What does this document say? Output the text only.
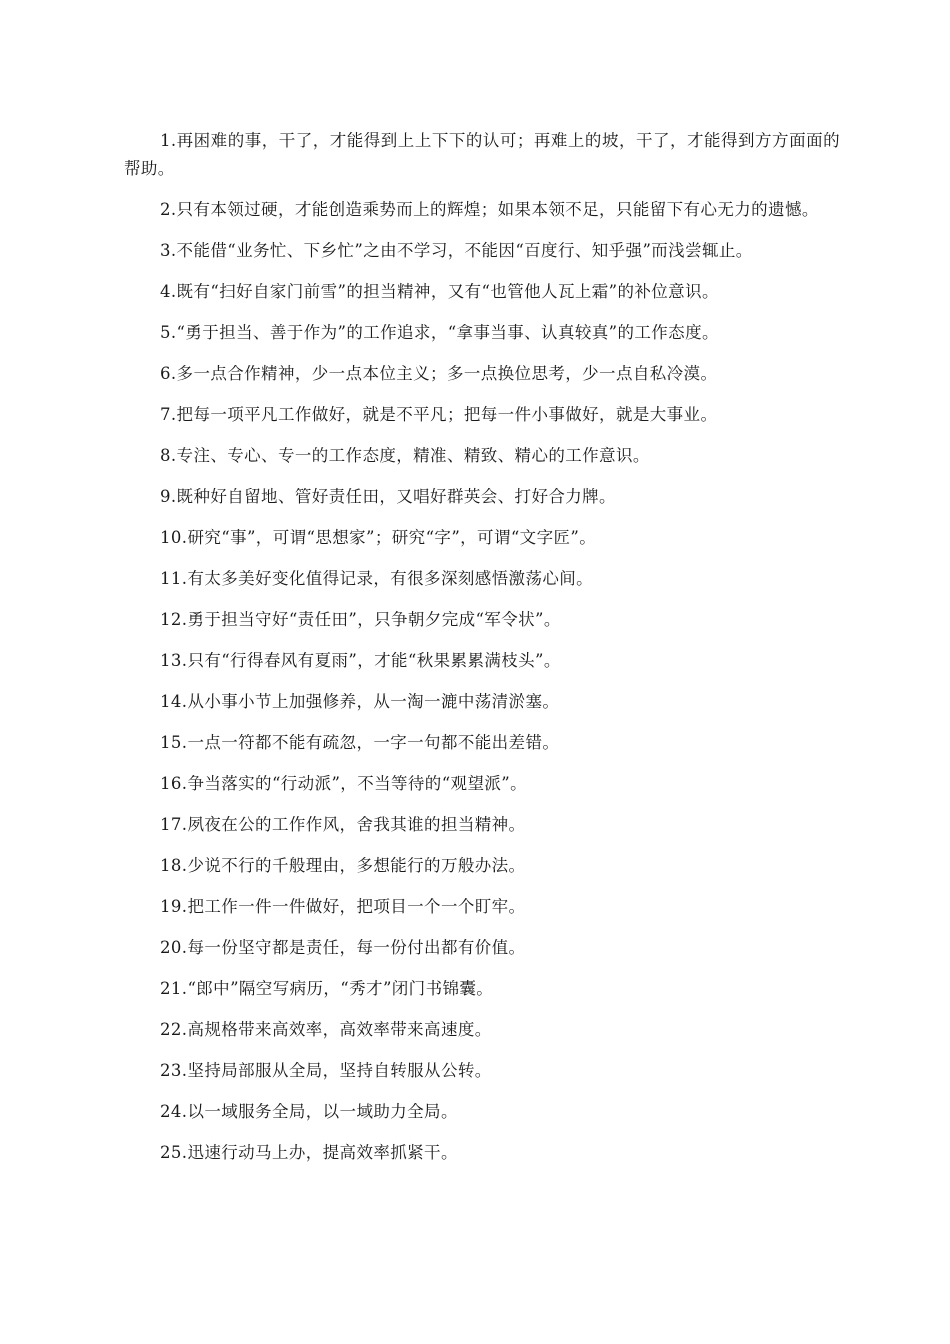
1.再困难的事，干了，才能得到上上下下的认可；再难上的坡，干了，才能得到方方面面的帮助。

2.只有本领过硬，才能创造乘势而上的辉煌；如果本领不足，只能留下有心无力的遗憾。

3.不能借“业务忙、下乡忙”之由不学习，不能因“百度行、知乎强”而浅尝辄止。

4.既有“扫好自家门前雪”的担当精神，又有“也管他人瓦上霜”的补位意识。

5.“勇于担当、善于作为”的工作追求，“拿事当事、认真较真”的工作态度。

6.多一点合作精神，少一点本位主义；多一点换位思考，少一点自私冷漠。

7.把每一项平凡工作做好，就是不平凡；把每一件小事做好，就是大事业。

8.专注、专心、专一的工作态度，精准、精致、精心的工作意识。

9.既种好自留地、管好责任田，又唱好群英会、打好合力牌。

10.研究“事”，可谓“思想家”；研究“字”，可谓“文字匠”。

11.有太多美好变化值得记录，有很多深刻感悟激荡心间。

12.勇于担当守好“责任田”，只争朝夕完成“军令状”。

13.只有“行得春风有夏雨”，才能“秋果累累满枝头”。

14.从小事小节上加强修养，从一淘一漉中荡清淤塞。

15.一点一符都不能有疏忽，一字一句都不能出差错。

16.争当落实的“行动派”，不当等待的“观望派”。

17.夙夜在公的工作作风，舍我其谁的担当精神。

18.少说不行的千般理由，多想能行的万般办法。

19.把工作一件一件做好，把项目一个一个盯牢。

20.每一份坚守都是责任，每一份付出都有价值。

21.“郎中”隔空写病历，“秀才”闭门书锦囊。

22.高规格带来高效率，高效率带来高速度。

23.坚持局部服从全局，坚持自转服从公转。

24.以一域服务全局，以一域助力全局。

25.迅速行动马上办，提高效率抓紧干。
